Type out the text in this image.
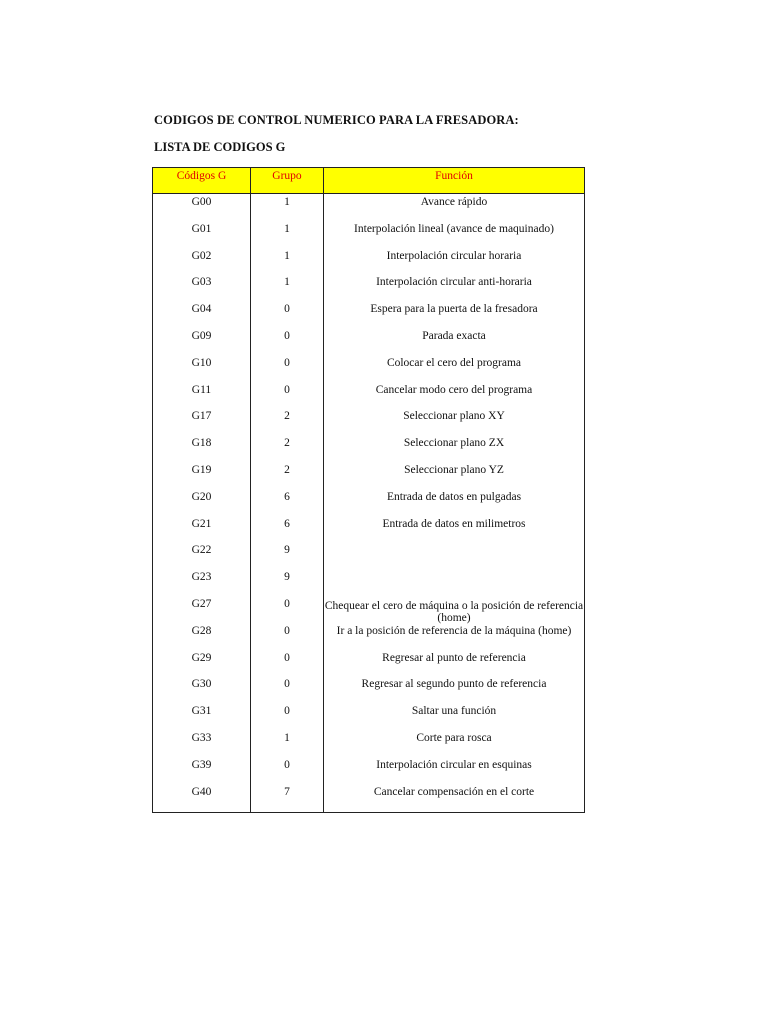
CODIGOS DE CONTROL NUMERICO PARA LA FRESADORA:
LISTA DE CODIGOS G
Códigos G	Grupo	Función
G00	1	Avance rápido
G01	1	Interpolación lineal (avance de maquinado)
G02	1	Interpolación circular horaria
G03	1	Interpolación circular anti-horaria
G04	0	Espera para la puerta de la fresadora
G09	0	Parada exacta
G10	0	Colocar el cero del programa
G11	0	Cancelar modo cero del programa
G17	2	Seleccionar plano XY
G18	2	Seleccionar plano ZX
G19	2	Seleccionar plano YZ
G20	6	Entrada de datos en pulgadas
G21	6	Entrada de datos en milimetros
G22	9
G23	9
G27	0	Chequear el cero de máquina o la posición de referencia (home)
G28	0	Ir a la posición de referencia de la máquina (home)
G29	0	Regresar al punto de referencia
G30	0	Regresar al segundo punto de referencia
G31	0	Saltar una función
G33	1	Corte para rosca
G39	0	Interpolación circular en esquinas
G40	7	Cancelar compensación en el corte
